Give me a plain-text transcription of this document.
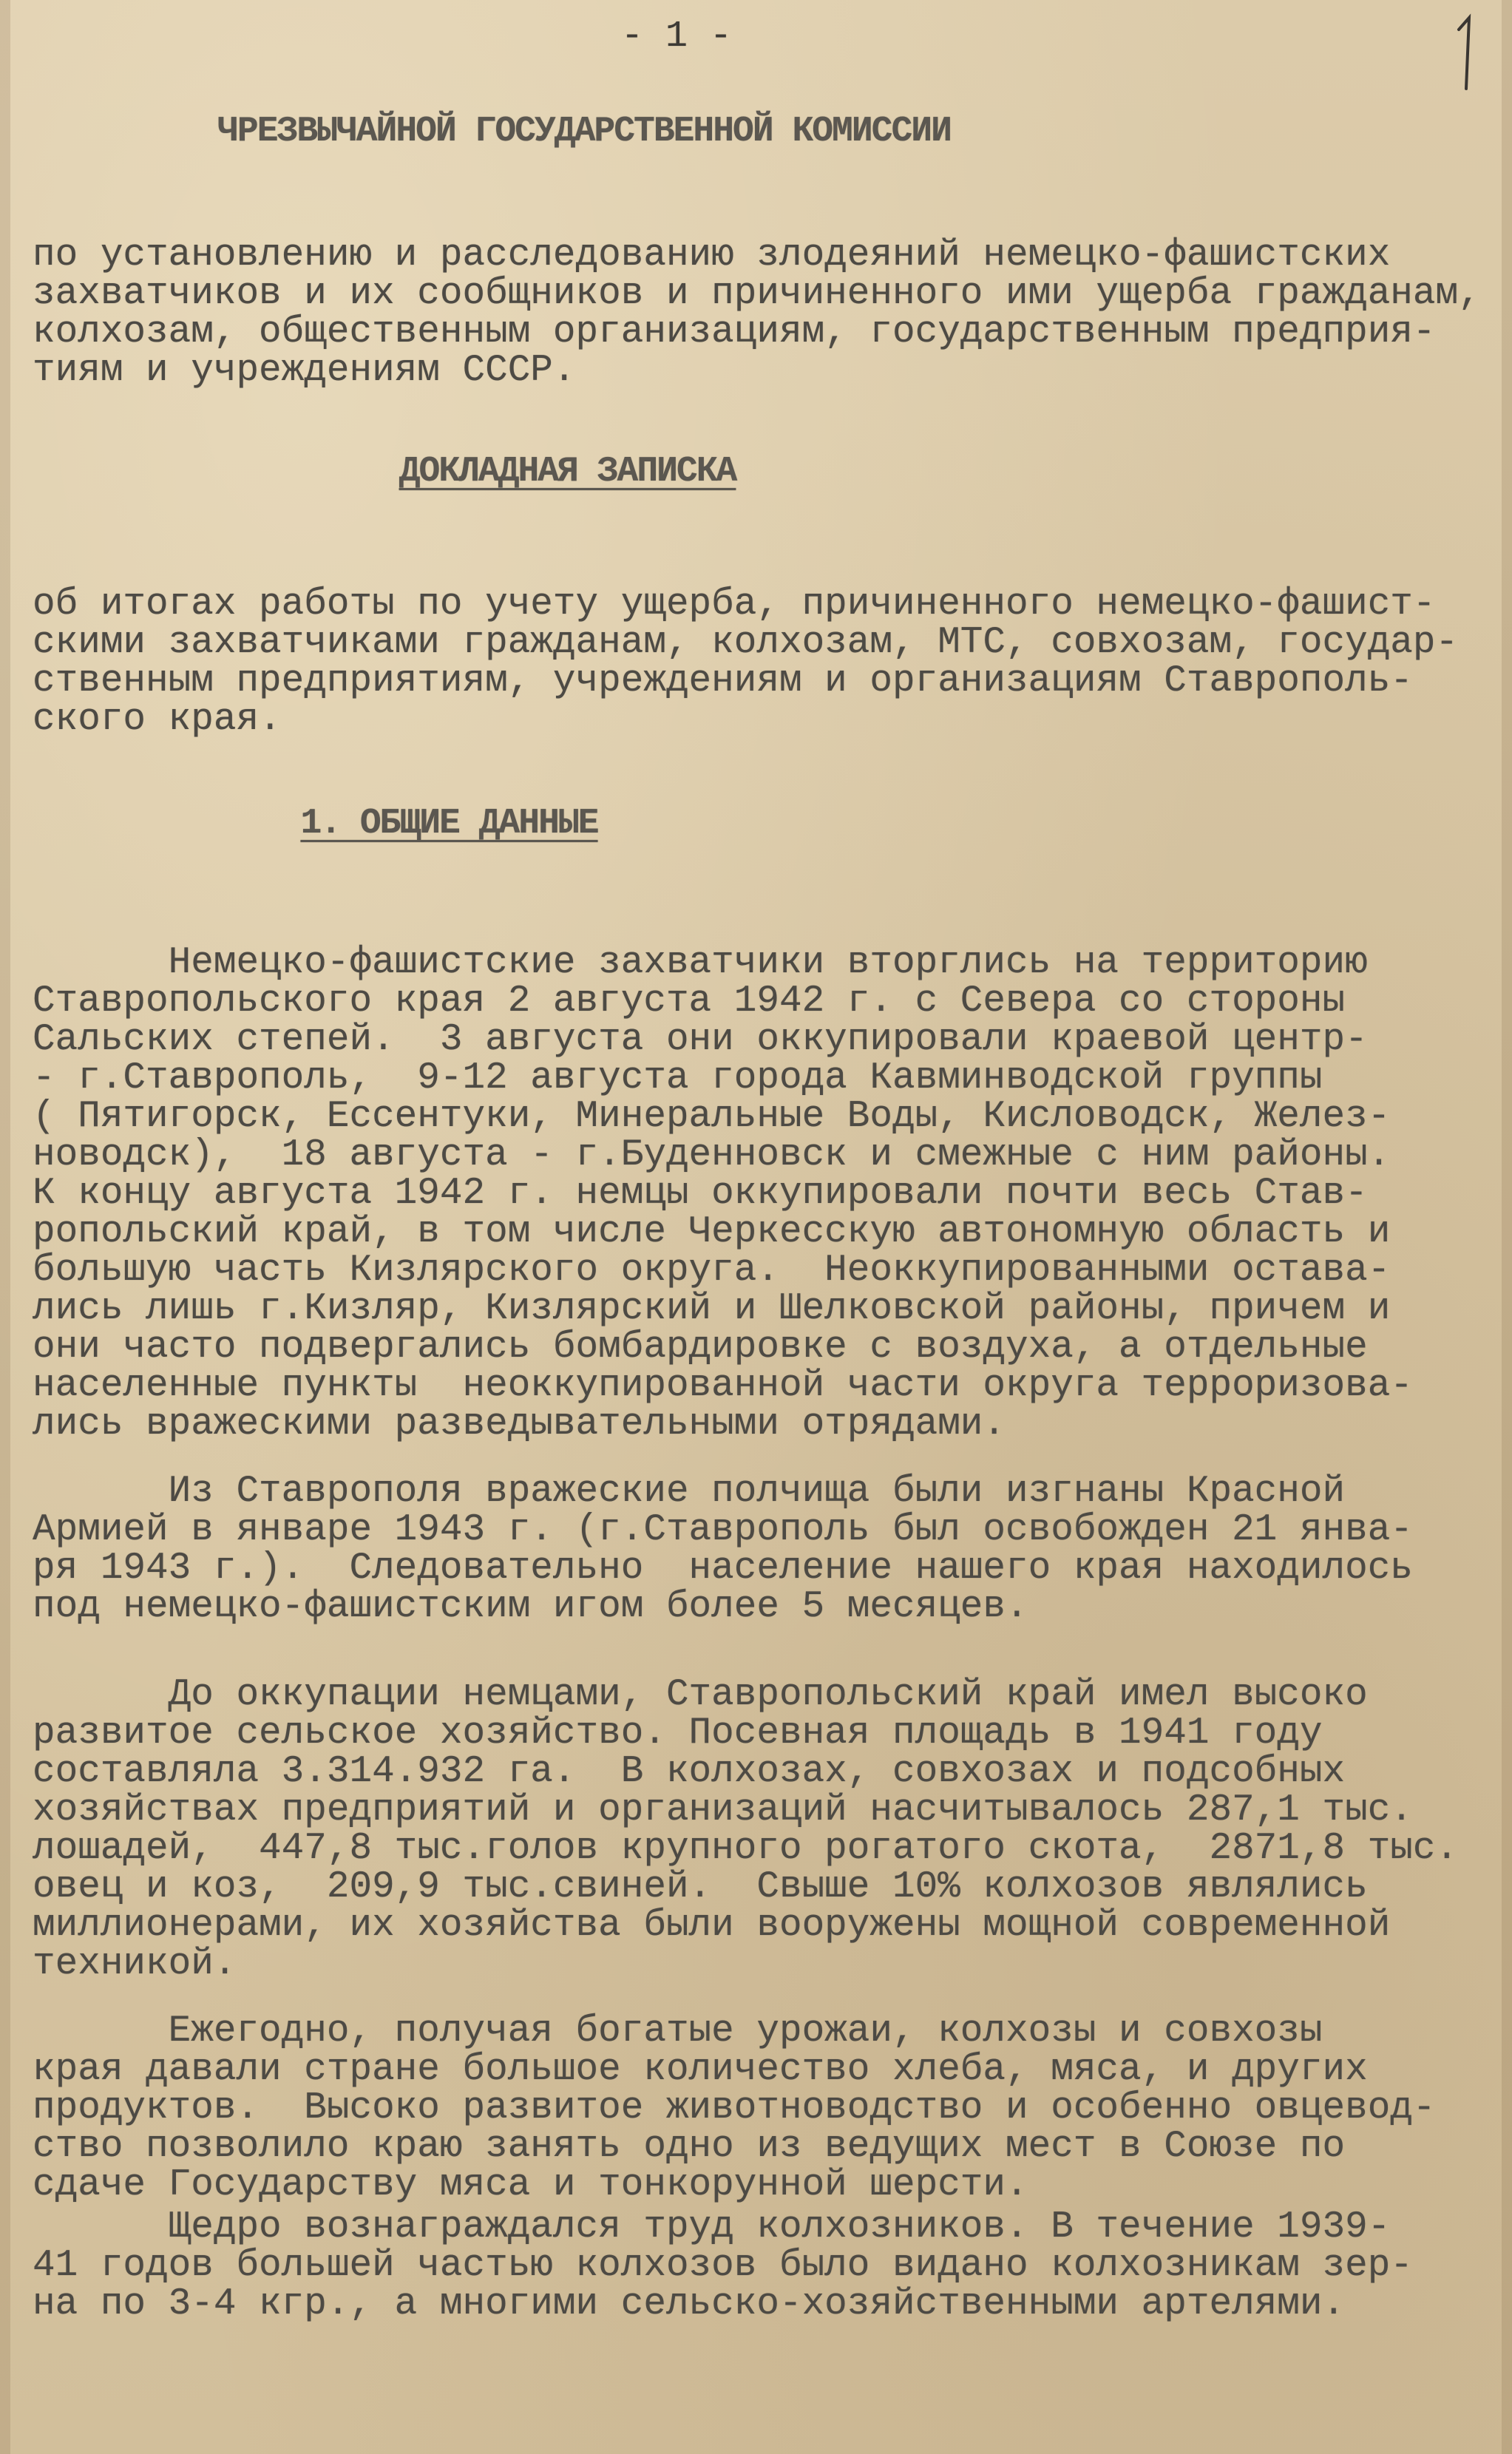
- 1 -
1
ЧРЕЗВЫЧАЙНОЙ ГОСУДАРСТВЕННОЙ КОМИССИИ
по установлению и расследованию злодеяний немецко-фашистских
захватчиков и их сообщников и причиненного ими ущерба гражданам,
колхозам, общественным организациям, государственным предприя-
тиям и учреждениям СССР.
ДОКЛАДНАЯ ЗАПИСКА
об итогах работы по учету ущерба, причиненного немецко-фашист-
скими захватчиками гражданам, колхозам, МТС, совхозам, государ-
ственным предприятиям, учреждениям и организациям Ставрополь-
ского края.
1. ОБЩИЕ ДАННЫЕ
Немецко-фашистские захватчики вторглись на территорию
Ставропольского края 2 августа 1942 г. с Севера со стороны
Сальских степей.  3 августа они оккупировали краевой центр-
- г.Ставрополь,  9-12 августа города Кавминводской группы
( Пятигорск, Ессентуки, Минеральные Воды, Кисловодск, Желез-
новодск),  18 августа - г.Буденновск и смежные с ним районы.
К концу августа 1942 г. немцы оккупировали почти весь Став-
ропольский край, в том числе Черкесскую автономную область и
большую часть Кизлярского округа.  Неоккупированными остава-
лись лишь г.Кизляр, Кизлярский и Шелковской районы, причем и
они часто подвергались бомбардировке с воздуха, а отдельные
населенные пункты  неоккупированной части округа терроризова-
лись вражескими разведывательными отрядами.
Из Ставрополя вражеские полчища были изгнаны Красной
Армией в январе 1943 г. (г.Ставрополь был освобожден 21 янва-
ря 1943 г.).  Следовательно  население нашего края находилось
под немецко-фашистским игом более 5 месяцев.
До оккупации немцами, Ставропольский край имел высоко
развитое сельское хозяйство. Посевная площадь в 1941 году
составляла 3.314.932 га.  В колхозах, совхозах и подсобных
хозяйствах предприятий и организаций насчитывалось 287,1 тыс.
лошадей,  447,8 тыс.голов крупного рогатого скота,  2871,8 тыс.
овец и коз,  209,9 тыс.свиней.  Свыше 10% колхозов являлись
миллионерами, их хозяйства были вооружены мощной современной
техникой.
Ежегодно, получая богатые урожаи, колхозы и совхозы
края давали стране большое количество хлеба, мяса, и других
продуктов.  Высоко развитое животноводство и особенно овцевод-
ство позволило краю занять одно из ведущих мест в Союзе по
сдаче Государству мяса и тонкорунной шерсти.
Щедро вознаграждался труд колхозников. В течение 1939-
41 годов большей частью колхозов было видано колхозникам зер-
на по 3-4 кгр., а многими сельско-хозяйственными артелями.
